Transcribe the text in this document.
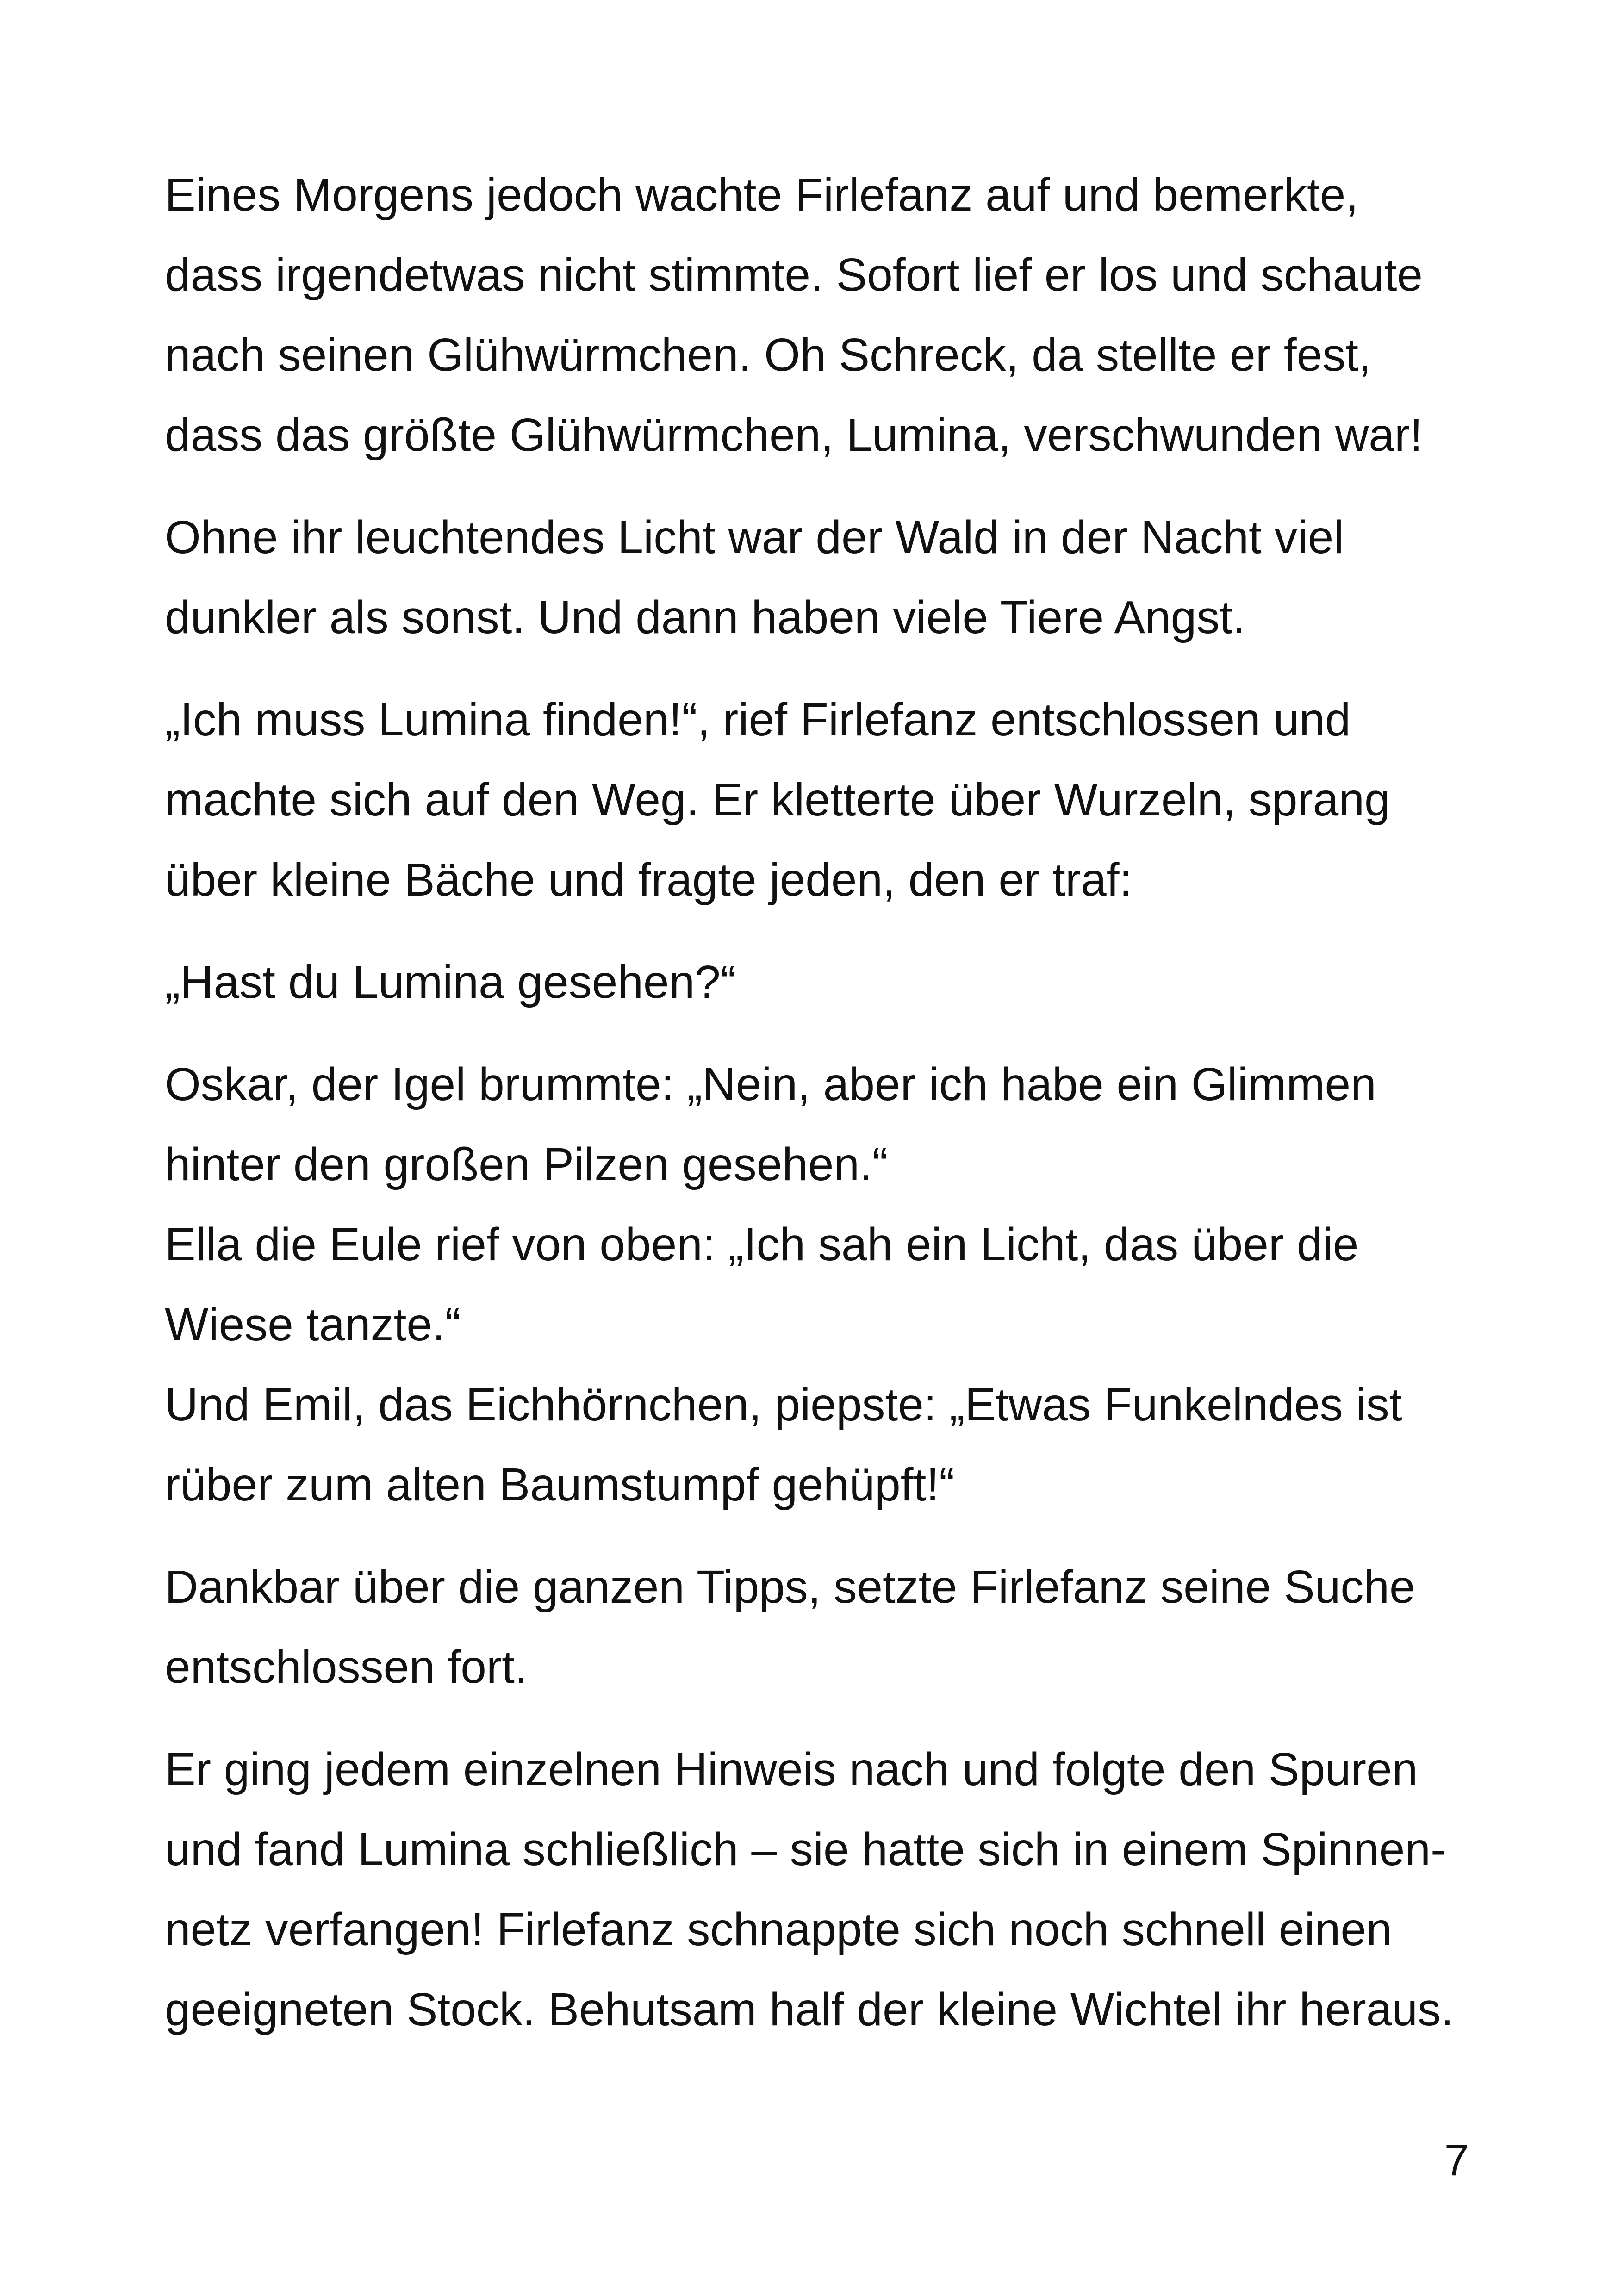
Eines Morgens jedoch wachte Firlefanz auf und bemerkte,
dass irgendetwas nicht stimmte. Sofort lief er los und schaute
nach seinen Glühwürmchen. Oh Schreck, da stellte er fest,
dass das größte Glühwürmchen, Lumina, verschwunden war!

Ohne ihr leuchtendes Licht war der Wald in der Nacht viel
dunkler als sonst. Und dann haben viele Tiere Angst.

„Ich muss Lumina finden!“, rief Firlefanz entschlossen und
machte sich auf den Weg. Er kletterte über Wurzeln, sprang
über kleine Bäche und fragte jeden, den er traf:

„Hast du Lumina gesehen?“

Oskar, der Igel brummte: „Nein, aber ich habe ein Glimmen
hinter den großen Pilzen gesehen.“
Ella die Eule rief von oben: „Ich sah ein Licht, das über die
Wiese tanzte.“
Und Emil, das Eichhörnchen, piepste: „Etwas Funkelndes ist
rüber zum alten Baumstumpf gehüpft!“

Dankbar über die ganzen Tipps, setzte Firlefanz seine Suche
entschlossen fort.

Er ging jedem einzelnen Hinweis nach und folgte den Spuren
und fand Lumina schließlich – sie hatte sich in einem Spinnen-
netz verfangen! Firlefanz schnappte sich noch schnell einen
geeigneten Stock. Behutsam half der kleine Wichtel ihr heraus.

7
